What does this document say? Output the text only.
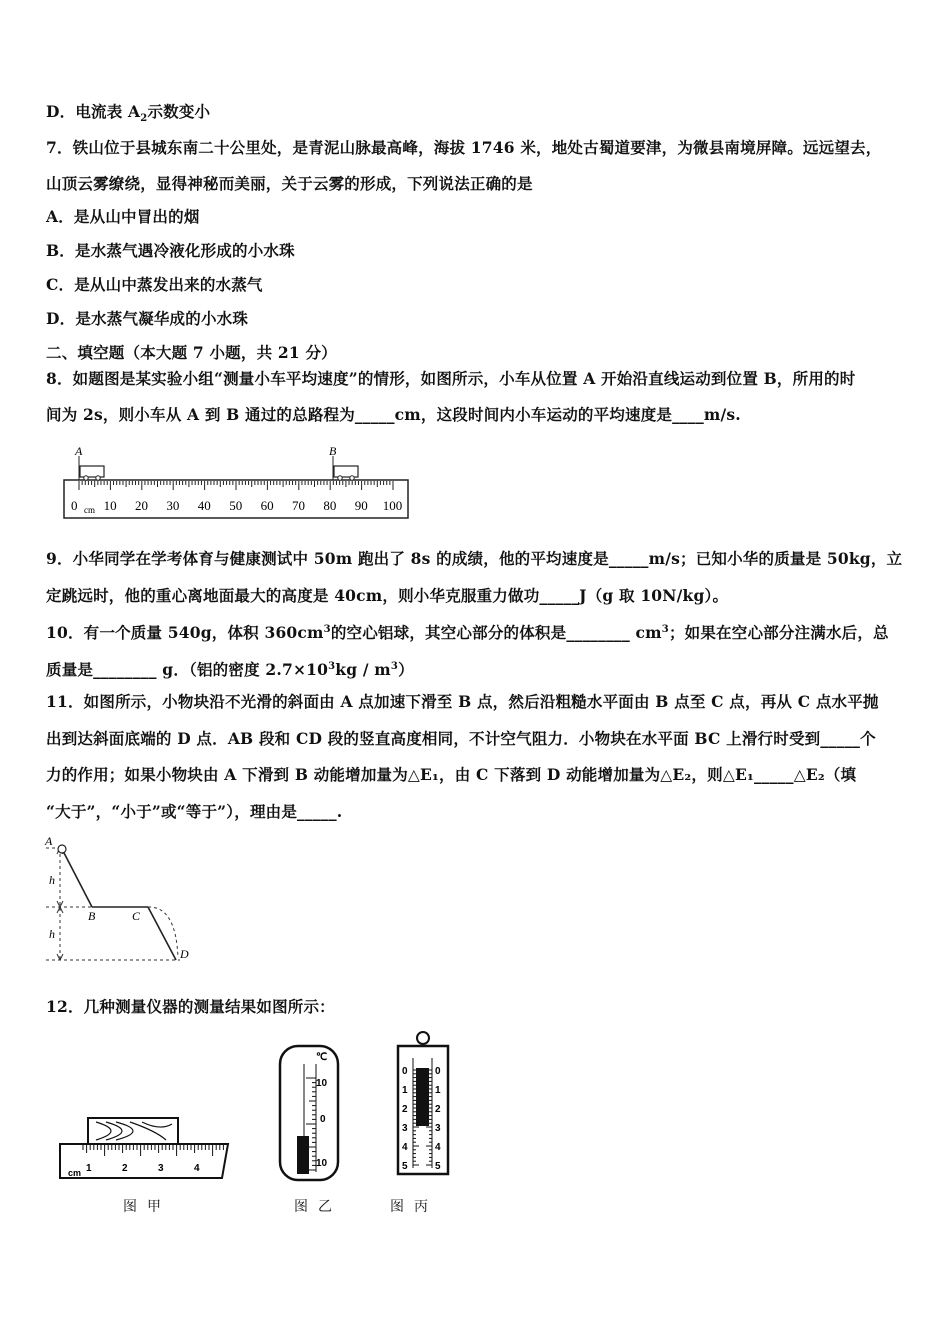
D．电流表 $A_2$示数变小
7．铁山位于县城东南二十公里处，是青泥山脉最高峰，海拔 1746 米，地处古蜀道要津，为微县南境屏障。远远望去，
山顶云雾缭绕，显得神秘而美丽，关于云雾的形成，下列说法正确的是
A．是从山中冒出的烟
B．是水蒸气遇冷液化形成的小水珠
C．是从山中蒸发出来的水蒸气
D．是水蒸气凝华成的小水珠
二、填空题（本大题 7 小题，共 21 分）
8．如题图是某实验小组“测量小车平均速度”的情形，如图所示，小车从位置 A 开始沿直线运动到位置 B，所用的时
间为 2s，则小车从 A 到 B 通过的总路程为_____cm，这段时间内小车运动的平均速度是____m/s.
A	B
0 10 20 30 40 50 60 70 80 90 100
cm
9．小华同学在学考体育与健康测试中 50m 跑出了 8s 的成绩，他的平均速度是_____m/s；已知小华的质量是 50kg，立
定跳远时，他的重心离地面最大的高度是 40cm，则小华克服重力做功_____J（g 取 10N/kg）。
10．有一个质量 540g，体积 $360cm^3$的空心铝球，其空心部分的体积是________ $cm^3$；如果在空心部分注满水后，总
质量是________ g．（铝的密度 $2.7\times 10^3kg / m^3$）
11．如图所示，小物块沿不光滑的斜面由 A 点加速下滑至 B 点，然后沿粗糙水平面由 B 点至 C 点，再从 C 点水平抛
出到达斜面底端的 D 点．AB 段和 CD 段的竖直高度相同，不计空气阻力．小物块在水平面 BC 上滑行时受到_____个
力的作用；如果小物块由 A 下滑到 B 动能增加量为△E₁，由 C 下落到 D 动能增加量为△E₂，则△E₁_____△E₂（填
“大于”，“小于”或“等于”），理由是_____.
A
h
B	C
h
D
12．几种测量仪器的测量结果如图所示：
1	2	3	4
cm
图甲
℃
10
0
10
图乙
0
1
2
3
4
5
0
1
2
3
4
5
图丙
